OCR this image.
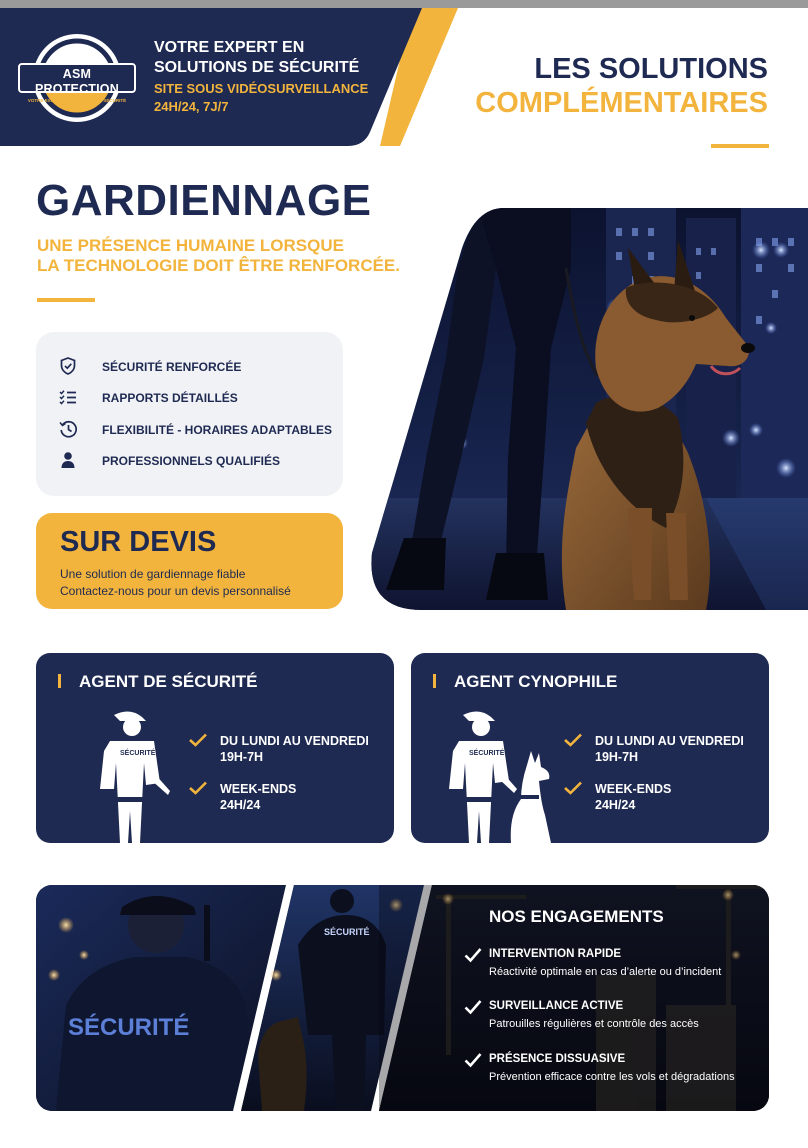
ASM PROTECTION
VOTRE EXPERT EN SOLUTION DE SÉCURITÉ
VOTRE EXPERT EN
SOLUTIONS DE SÉCURITÉ
SITE SOUS VIDÉOSURVEILLANCE
24H/24, 7J/7
LES SOLUTIONS
COMPLÉMENTAIRES
GARDIENNAGE
UNE PRÉSENCE HUMAINE LORSQUE
LA TECHNOLOGIE DOIT ÊTRE RENFORCÉE.
SÉCURITÉ RENFORCÉE
RAPPORTS DÉTAILLÉS
FLEXIBILITÉ - HORAIRES ADAPTABLES
PROFESSIONNELS QUALIFIÉS
SUR DEVIS
Une solution de gardiennage fiable
Contactez-nous pour un devis personnalisé
AGENT DE SÉCURITÉ
SÉCURITÉ
DU LUNDI AU VENDREDI
19H-7H
WEEK-ENDS
24H/24
AGENT CYNOPHILE
SÉCURITÉ
DU LUNDI AU VENDREDI
19H-7H
WEEK-ENDS
24H/24
SÉCURITÉ
SÉCURITÉ
NOS ENGAGEMENTS
INTERVENTION RAPIDE
Réactivité optimale en cas d’alerte ou d’incident
SURVEILLANCE ACTIVE
Patrouilles régulières et contrôle des accès
PRÉSENCE DISSUASIVE
Prévention efficace contre les vols et dégradations
